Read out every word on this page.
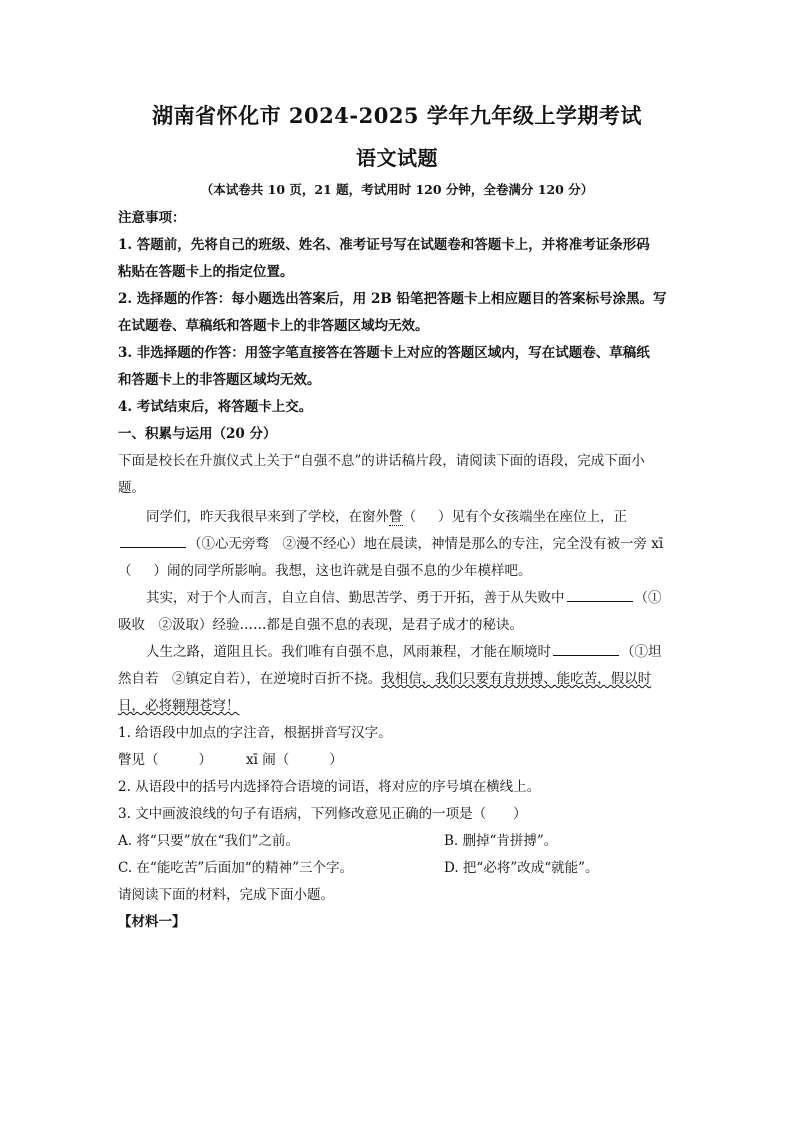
湖南省怀化市 2024-2025 学年九年级上学期考试
语文试题
（本试卷共 10 页，21 题，考试用时 120 分钟，全卷满分 120 分）
注意事项：
1. 答题前，先将自己的班级、姓名、准考证号写在试题卷和答题卡上，并将准考证条形码
粘贴在答题卡上的指定位置。
2. 选择题的作答：每小题选出答案后，用 2B 铅笔把答题卡上相应题目的答案标号涂黑。写
在试题卷、草稿纸和答题卡上的非答题区域均无效。
3. 非选择题的作答：用签字笔直接答在答题卡上对应的答题区域内，写在试题卷、草稿纸
和答题卡上的非答题区域均无效。
4. 考试结束后，将答题卡上交。
一、积累与运用（20 分）
下面是校长在升旗仪式上关于“自强不息”的讲话稿片段，请阅读下面的语段，完成下面小
题。
同学们，昨天我很早来到了学校，在窗外瞥（ ）见有个女孩端坐在座位上，正
（①心无旁骛　②漫不经心）地在晨读，神情是那么的专注，完全没有被一旁 xī
（ ）闹的同学所影响。我想，这也许就是自强不息的少年模样吧。
其实，对于个人而言，自立自信、勤思苦学、勇于开拓，善于从失败中	（①
吸收　②汲取）经验……都是自强不息的表现，是君子成才的秘诀。
人生之路，道阻且长。我们唯有自强不息，风雨兼程，才能在顺境时	（①坦
然自若　②镇定自若），在逆境时百折不挠。我相信，我们只要有肯拼搏、能吃苦，假以时
日，必将翱翔苍穹！
1. 给语段中加点的字注音，根据拼音写汉字。
瞥见（	）	xī 闹（	）
2. 从语段中的括号内选择符合语境的词语，将对应的序号填在横线上。
3. 文中画波浪线的句子有语病，下列修改意见正确的一项是（　　）
A. 将“只要”放在“我们”之前。	B. 删掉“肯拼搏”。
C. 在“能吃苦”后面加“的精神”三个字。	D. 把“必将”改成“就能”。
请阅读下面的材料，完成下面小题。
【材料一】
